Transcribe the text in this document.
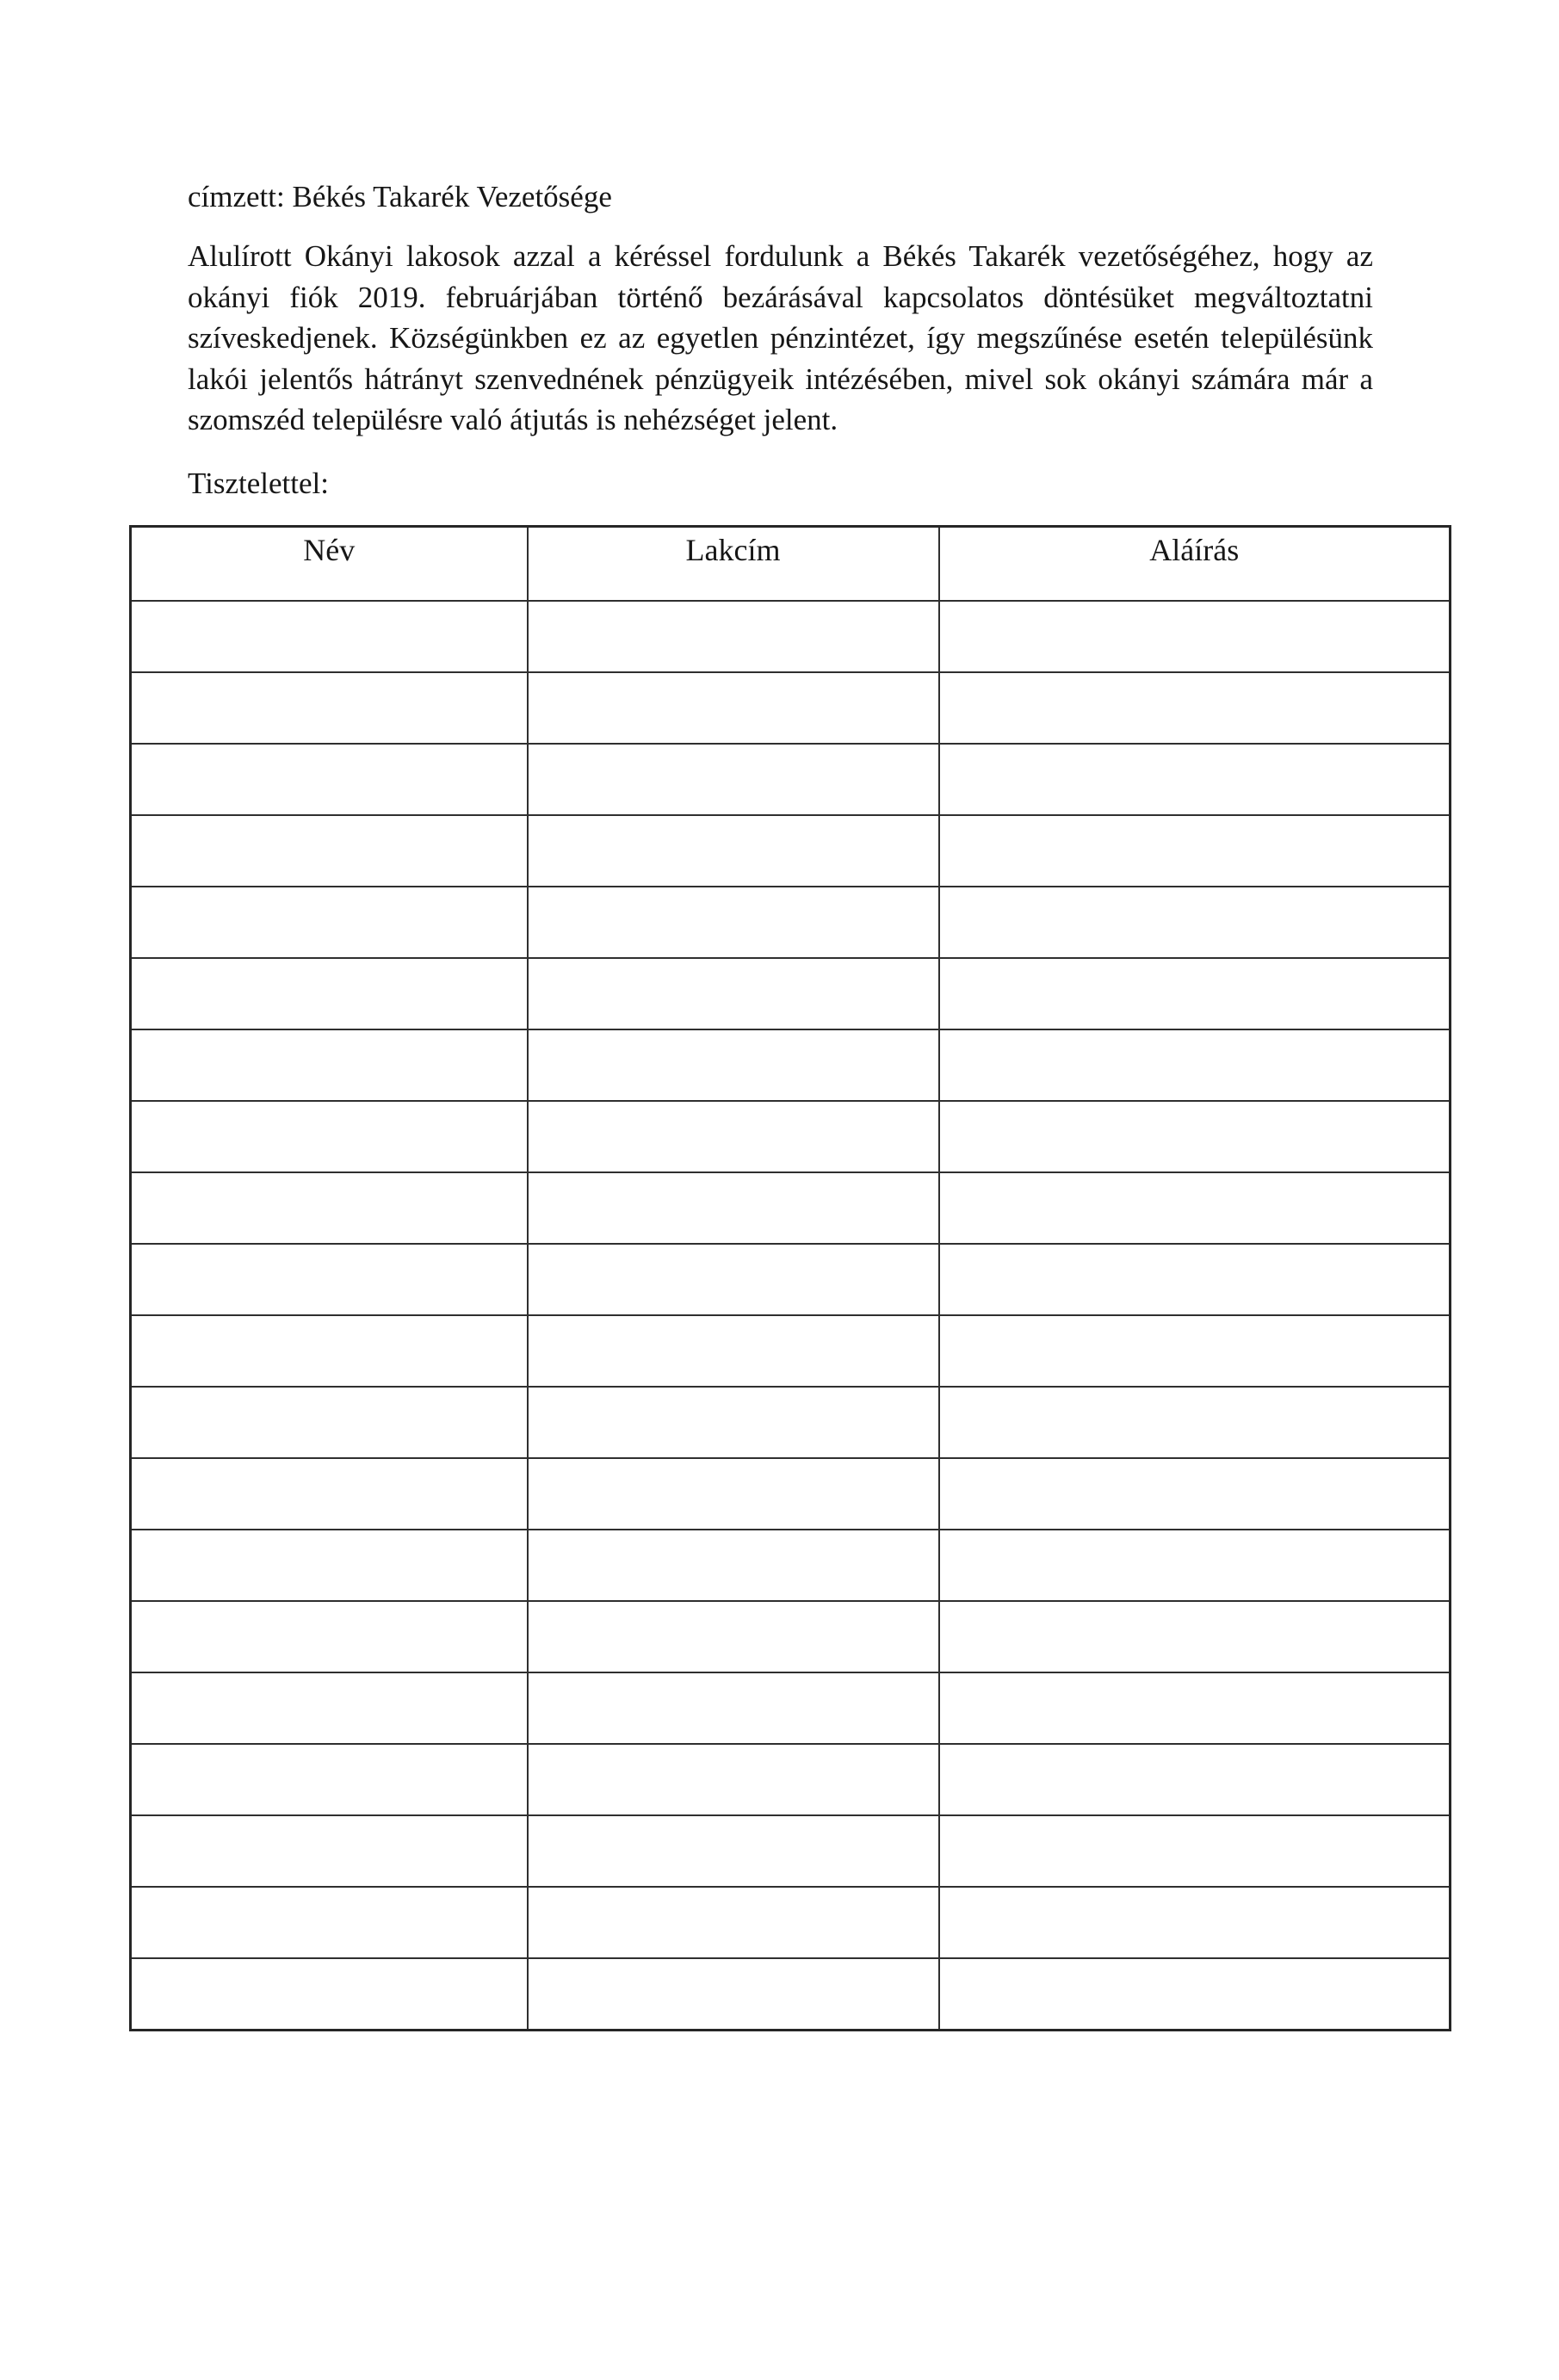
címzett: Békés Takarék Vezetősége

Alulírott Okányi lakosok azzal a kéréssel fordulunk a Békés Takarék vezetőségéhez, hogy az
okányi fiók 2019. februárjában történő bezárásával kapcsolatos döntésüket megváltoztatni
szíveskedjenek. Községünkben ez az egyetlen pénzintézet, így megszűnése esetén településünk
lakói jelentős hátrányt szenvednének pénzügyeik intézésében, mivel sok okányi számára már a
szomszéd településre való átjutás is nehézséget jelent.

Tisztelettel:

Név	Lakcím	Aláírás
